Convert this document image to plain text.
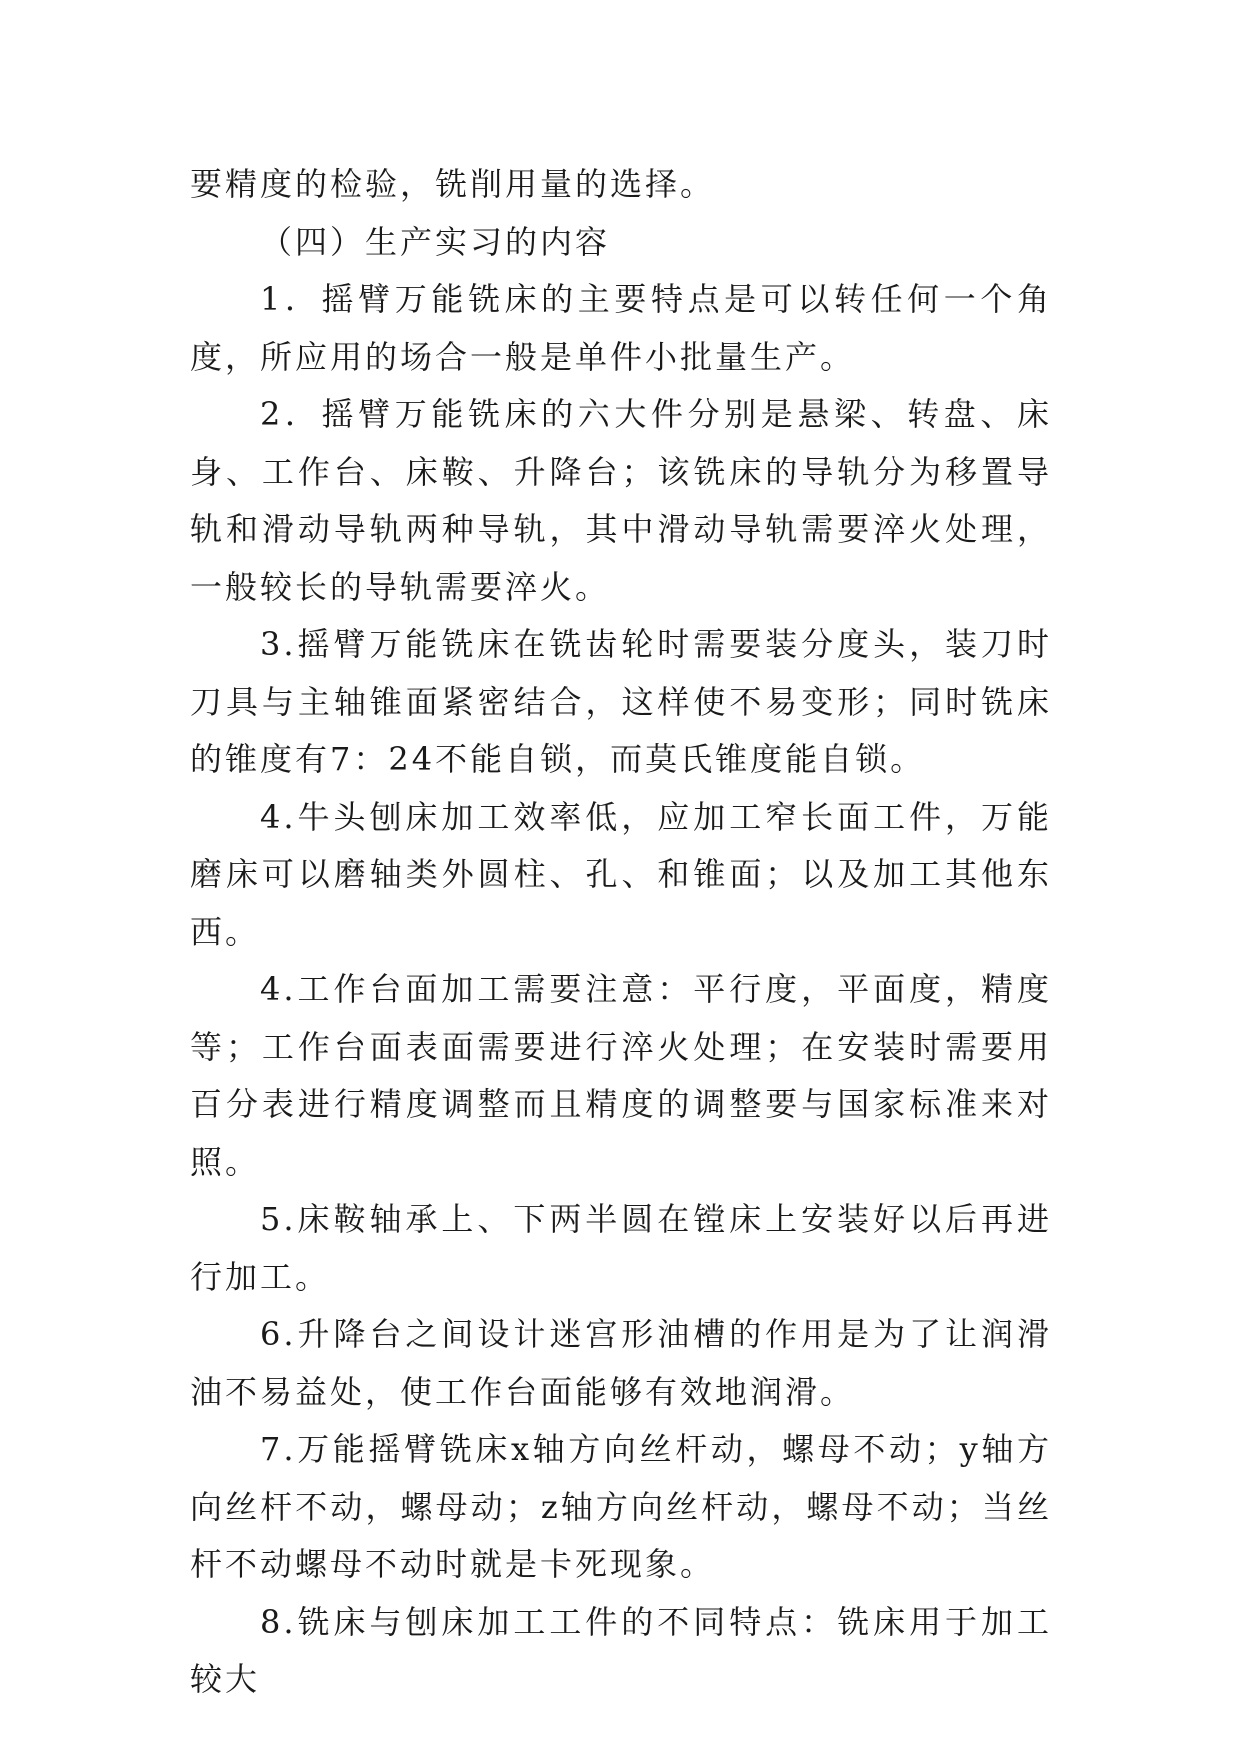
要精度的检验，铣削用量的选择。

（四）生产实习的内容

1．摇臂万能铣床的主要特点是可以转任何一个角度，所应用的场合一般是单件小批量生产。

2．摇臂万能铣床的六大件分别是悬梁、转盘、床身、工作台、床鞍、升降台；该铣床的导轨分为移置导轨和滑动导轨两种导轨，其中滑动导轨需要淬火处理，一般较长的导轨需要淬火。

3.摇臂万能铣床在铣齿轮时需要装分度头，装刀时刀具与主轴锥面紧密结合，这样使不易变形；同时铣床的锥度有7：24不能自锁，而莫氏锥度能自锁。

4.牛头刨床加工效率低，应加工窄长面工件，万能磨床可以磨轴类外圆柱、孔、和锥面；以及加工其他东西。

4.工作台面加工需要注意：平行度，平面度，精度等；工作台面表面需要进行淬火处理；在安装时需要用百分表进行精度调整而且精度的调整要与国家标准来对照。

5.床鞍轴承上、下两半圆在镗床上安装好以后再进行加工。

6.升降台之间设计迷宫形油槽的作用是为了让润滑油不易益处，使工作台面能够有效地润滑。

7.万能摇臂铣床x轴方向丝杆动，螺母不动；y轴方向丝杆不动，螺母动；z轴方向丝杆动，螺母不动；当丝杆不动螺母不动时就是卡死现象。

8.铣床与刨床加工工件的不同特点：铣床用于加工较大
